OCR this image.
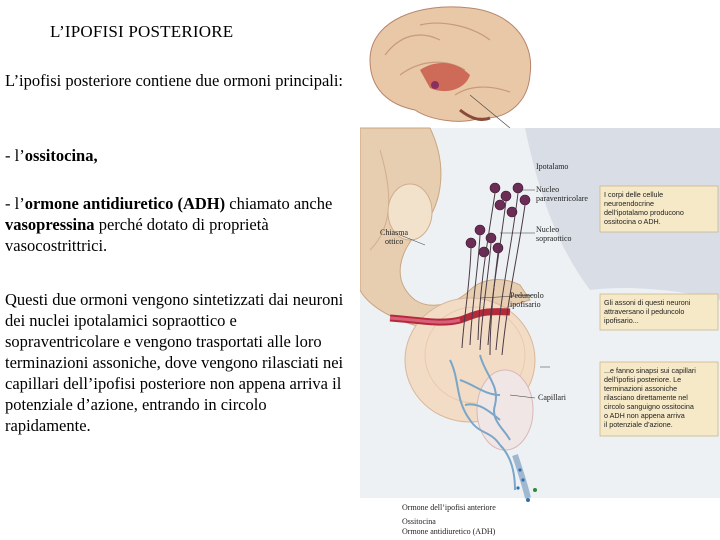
L’IPOFISI POSTERIORE
L’ipofisi posteriore contiene due ormoni principali:
- l’ossitocina,
- l’ormone antidiuretico (ADH) chiamato anche vasopressina perché dotato di proprietà vasocostrittrici.
Questi due ormoni vengono sintetizzati dai neuroni dei nuclei ipotalamici sopraottico e sopraventricolare e vengono trasportati alle loro terminazioni assoniche, dove vengono rilasciati nei capillari dell’ipofisi posteriore non appena arriva il potenziale d’azione, entrando in circolo rapidamente.
Ipotalamo
Nucleo
paraventricolare
Nucleo
sopraottico
Chiasma
ottico
Peduncolo
ipofisario
Capillari
Ormone dell’ipofisi anteriore
Ossitocina
Ormone antidiuretico (ADH)
I corpi delle cellule
neuroendocrine
dell’ipotalamo producono
ossitocina o ADH.
Gli assoni di questi neuroni
attraversano il peduncolo
ipofisario...
...e fanno sinapsi sui capillari
dell’ipofisi posteriore. Le
terminazioni assoniche
rilasciano direttamente nel
circolo sanguigno ossitocina
o ADH non appena arriva
il potenziale d’azione.
